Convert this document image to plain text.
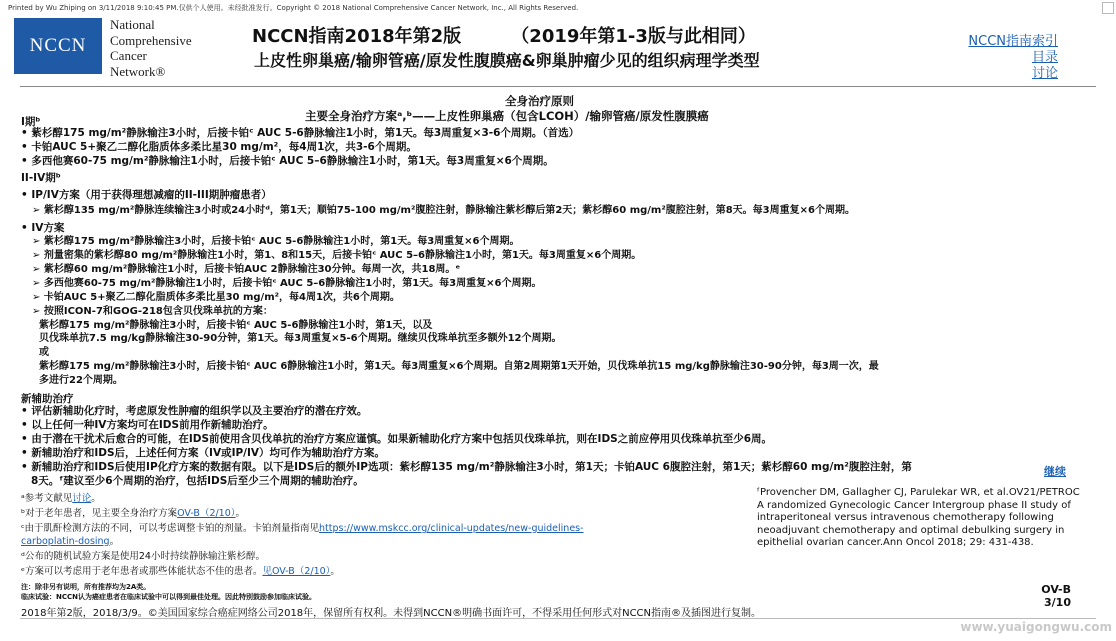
Printed by Wu Zhiping on 3/11/2018 9:10:45 PM.仅供个人使用。未经批准发行。Copyright © 2018 National Comprehensive Cancer Network, Inc., All Rights Reserved.
NCCN
National
Comprehensive
Cancer
Network®
NCCN指南2018年第2版        （2019年第1-3版与此相同）
上皮性卵巢癌/输卵管癌/原发性腹膜癌&卵巢肿瘤少见的组织病理学类型
NCCN指南索引
目录
讨论
全身治疗原则
主要全身治疗方案ᵃ,ᵇ——上皮性卵巢癌（包含LCOH）/输卵管癌/原发性腹膜癌
I期ᵇ
• 紫杉醇175 mg/m²静脉输注3小时，后接卡铂ᶜ AUC 5-6静脉输注1小时，第1天。每3周重复×3-6个周期。（首选）
• 卡铂AUC 5+聚乙二醇化脂质体多柔比星30 mg/m²，每4周1次，共3-6个周期。
• 多西他赛60-75 mg/m²静脉输注1小时，后接卡铂ᶜ AUC 5–6静脉输注1小时，第1天。每3周重复×6个周期。
II-IV期ᵇ
• IP/IV方案（用于获得理想减瘤的II-III期肿瘤患者）
➢ 紫杉醇135 mg/m²静脉连续输注3小时或24小时ᵈ，第1天；顺铂75-100 mg/m²腹腔注射，静脉输注紫杉醇后第2天；紫杉醇60 mg/m²腹腔注射，第8天。每3周重复×6个周期。
• IV方案
➢ 紫杉醇175 mg/m²静脉输注3小时，后接卡铂ᶜ AUC 5-6静脉输注1小时，第1天。每3周重复×6个周期。
➢ 剂量密集的紫杉醇80 mg/m²静脉输注1小时，第1、8和15天，后接卡铂ᶜ AUC 5–6静脉输注1小时，第1天。每3周重复×6个周期。
➢ 紫杉醇60 mg/m²静脉输注1小时，后接卡铂AUC 2静脉输注30分钟。每周一次，共18周。ᵉ
➢ 多西他赛60-75 mg/m²静脉输注1小时，后接卡铂ᶜ AUC 5–6静脉输注1小时，第1天。每3周重复×6个周期。
➢ 卡铂AUC 5+聚乙二醇化脂质体多柔比星30 mg/m²，每4周1次，共6个周期。
➢ 按照ICON-7和GOG-218包含贝伐珠单抗的方案：
紫杉醇175 mg/m²静脉输注3小时，后接卡铂ᶜ AUC 5-6静脉输注1小时，第1天，以及
贝伐珠单抗7.5 mg/kg静脉输注30-90分钟，第1天。每3周重复×5-6个周期。继续贝伐珠单抗至多额外12个周期。
或
紫杉醇175 mg/m²静脉输注3小时，后接卡铂ᶜ AUC 6静脉输注1小时，第1天。每3周重复×6个周期。自第2周期第1天开始，贝伐珠单抗15 mg/kg静脉输注30-90分钟，每3周一次，最
多进行22个周期。
新辅助治疗
• 评估新辅助化疗时，考虑原发性肿瘤的组织学以及主要治疗的潜在疗效。
• 以上任何一种IV方案均可在IDS前用作新辅助治疗。
• 由于潜在干扰术后愈合的可能，在IDS前使用含贝伐单抗的治疗方案应谨慎。如果新辅助化疗方案中包括贝伐珠单抗，则在IDS之前应停用贝伐珠单抗至少6周。
• 新辅助治疗和IDS后，上述任何方案（IV或IP/IV）均可作为辅助治疗方案。
• 新辅助治疗和IDS后使用IP化疗方案的数据有限。以下是IDS后的额外IP选项：紫杉醇135 mg/m²静脉输注3小时，第1天；卡铂AUC 6腹腔注射，第1天；紫杉醇60 mg/m²腹腔注射，第
8天。ᶠ建议至少6个周期的治疗，包括IDS后至少三个周期的辅助治疗。
继续
ᵃ参考文献见讨论。
ᵇ对于老年患者，见主要全身治疗方案OV-B（2/10）。
ᶜ由于肌酐检测方法的不同，可以考虑调整卡铂的剂量。卡铂剂量指南见https://www.mskcc.org/clinical-updates/new-guidelines-
carboplatin-dosing。
ᵈ公布的随机试验方案是使用24小时持续静脉输注紫杉醇。
ᵉ方案可以考虑用于老年患者或那些体能状态不佳的患者。见OV-B（2/10）。
注：除非另有说明，所有推荐均为2A类。
临床试验：NCCN认为癌症患者在临床试验中可以得到最佳处理。因此特别鼓励参加临床试验。
ᶠProvencher DM, Gallagher CJ, Parulekar WR, et al.OV21/PETROC
A randomized Gynecologic Cancer Intergroup phase II study of
intraperitoneal versus intravenous chemotherapy following
neoadjuvant chemotherapy and optimal debulking surgery in
epithelial ovarian cancer.Ann Oncol 2018; 29: 431-438.
OV-B
3/10
2018年第2版，2018/3/9。©美国国家综合癌症网络公司2018年，保留所有权利。未得到NCCN®明确书面许可，不得采用任何形式对NCCN指南®及插图进行复制。
www.yuaigongwu.com
